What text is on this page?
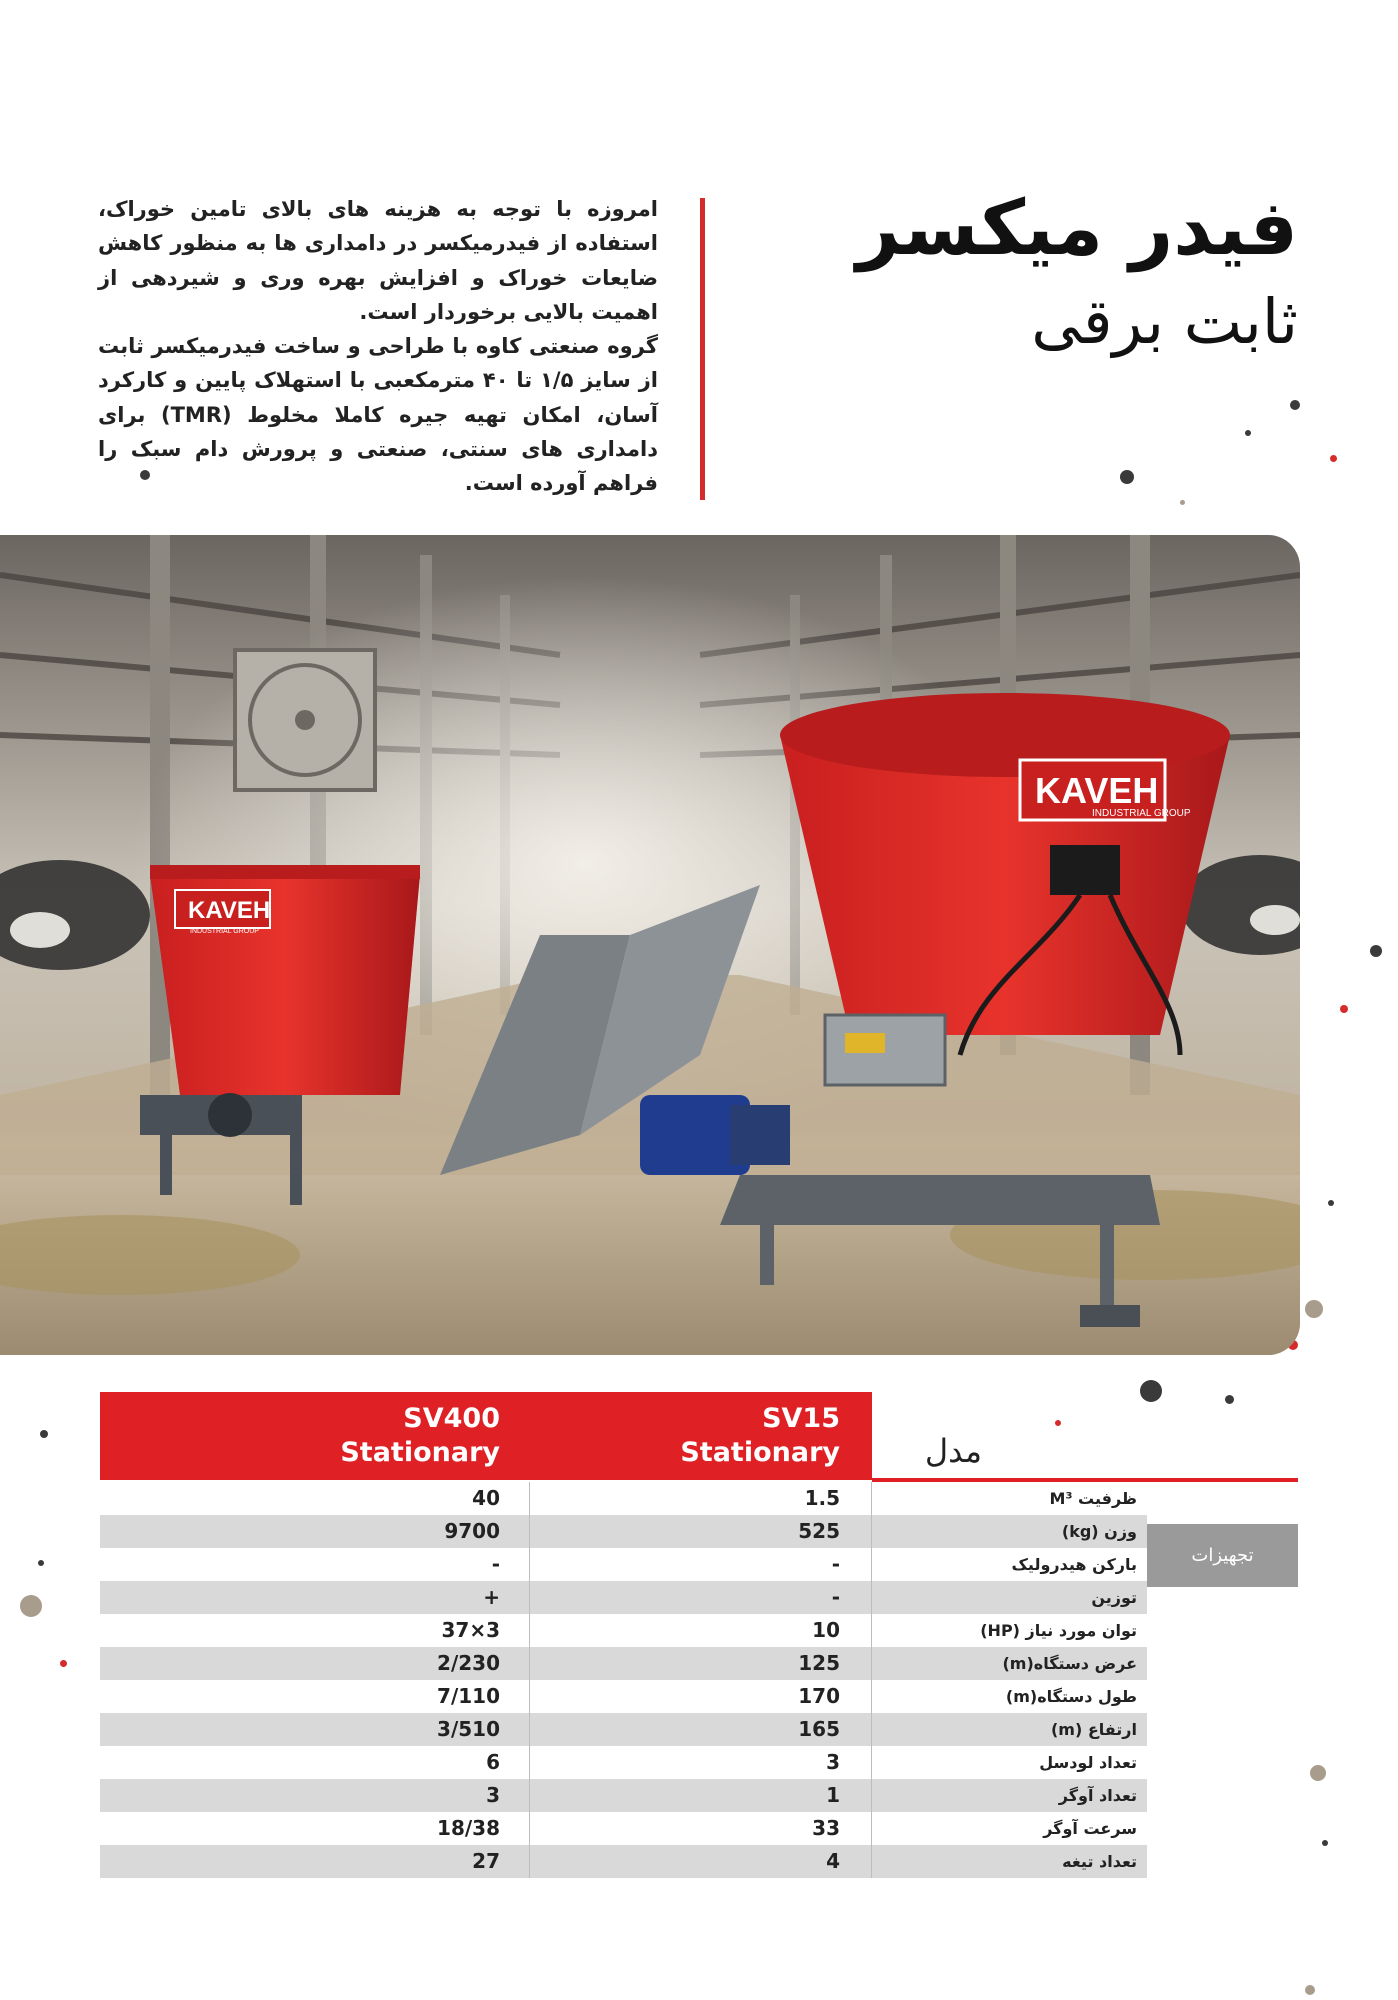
فیدر میکسر
ثابت برقی

امروزه با توجه به هزینه های بالای تامین خوراک، استفاده از فیدرمیکسر در دامداری ها به منظور کاهش ضایعات خوراک و افزایش بهره وری و شیردهی از اهمیت بالایی برخوردار است.

گروه صنعتی کاوه با طراحی و ساخت فیدرمیکسر ثابت از سایز ۱/۵ تا ۴۰ مترمکعبی با استهلاک پایین و کارکرد آسان، امکان تهیه جیره کاملا مخلوط (TMR) برای دامداری های سنتی، صنعتی و پرورش دام سبک را فراهم آورده است.

KAVEH
INDUSTRIAL GROUP
KAVEH
INDUSTRIAL GROUP
SV400
Stationary
SV15
Stationary	مدل
تجهیزات
40	1.5	ظرفیت M³
9700	525	وزن (kg)
-	-	بارکن هیدرولیک
+	-	توزین
37×3	10	توان مورد نیاز (HP)
2/230	125	عرض دستگاه(m)
7/110	170	طول دستگاه(m)
3/510	165	ارتفاع (m)
6	3	تعداد لودسل
3	1	تعداد آوگر
18/38	33	سرعت آوگر
27	4	تعداد تیغه
